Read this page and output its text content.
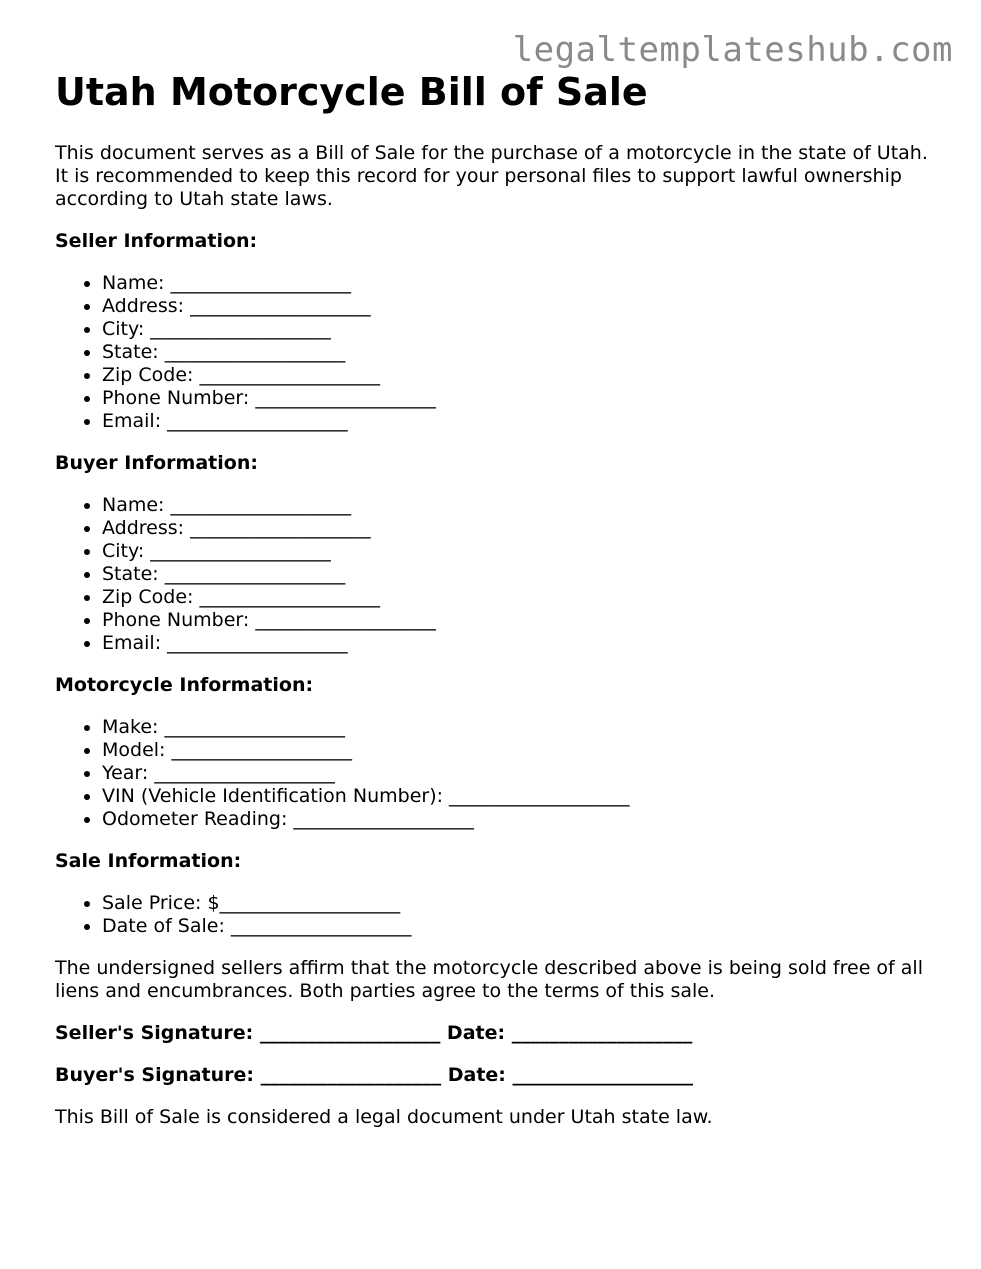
legaltemplateshub.com
Utah Motorcycle Bill of Sale

This document serves as a Bill of Sale for the purchase of a motorcycle in the state of Utah. It is recommended to keep this record for your personal files to support lawful ownership according to Utah state laws.

Seller Information:
• Name: ___________________
• Address: ___________________
• City: ___________________
• State: ___________________
• Zip Code: ___________________
• Phone Number: ___________________
• Email: ___________________
Buyer Information:
• Name: ___________________
• Address: ___________________
• City: ___________________
• State: ___________________
• Zip Code: ___________________
• Phone Number: ___________________
• Email: ___________________
Motorcycle Information:
• Make: ___________________
• Model: ___________________
• Year: ___________________
• VIN (Vehicle Identification Number): ___________________
• Odometer Reading: ___________________
Sale Information:
• Sale Price: $___________________
• Date of Sale: ___________________

The undersigned sellers affirm that the motorcycle described above is being sold free of all liens and encumbrances. Both parties agree to the terms of this sale.

Seller's Signature: ___________________ Date: ___________________

Buyer's Signature: ___________________ Date: ___________________

This Bill of Sale is considered a legal document under Utah state law.
